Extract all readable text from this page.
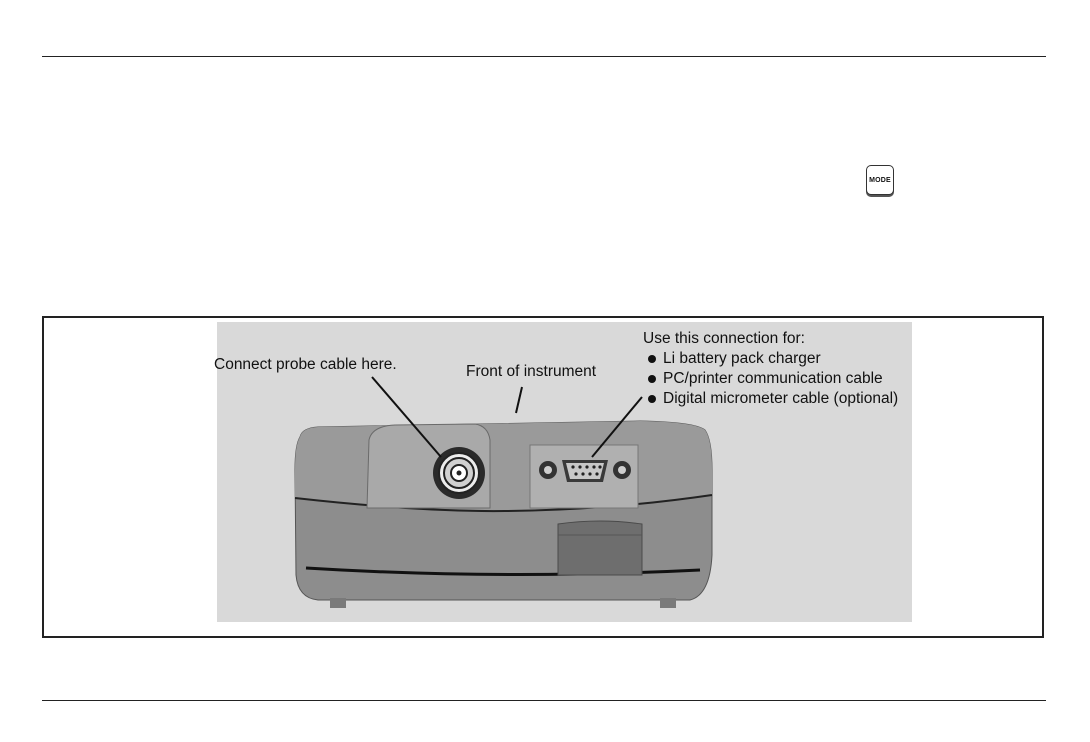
MODE
Connect probe cable here.	Front of instrument
Use this connection for:
Li battery pack charger
PC/printer communication cable
Digital micrometer cable (optional)
